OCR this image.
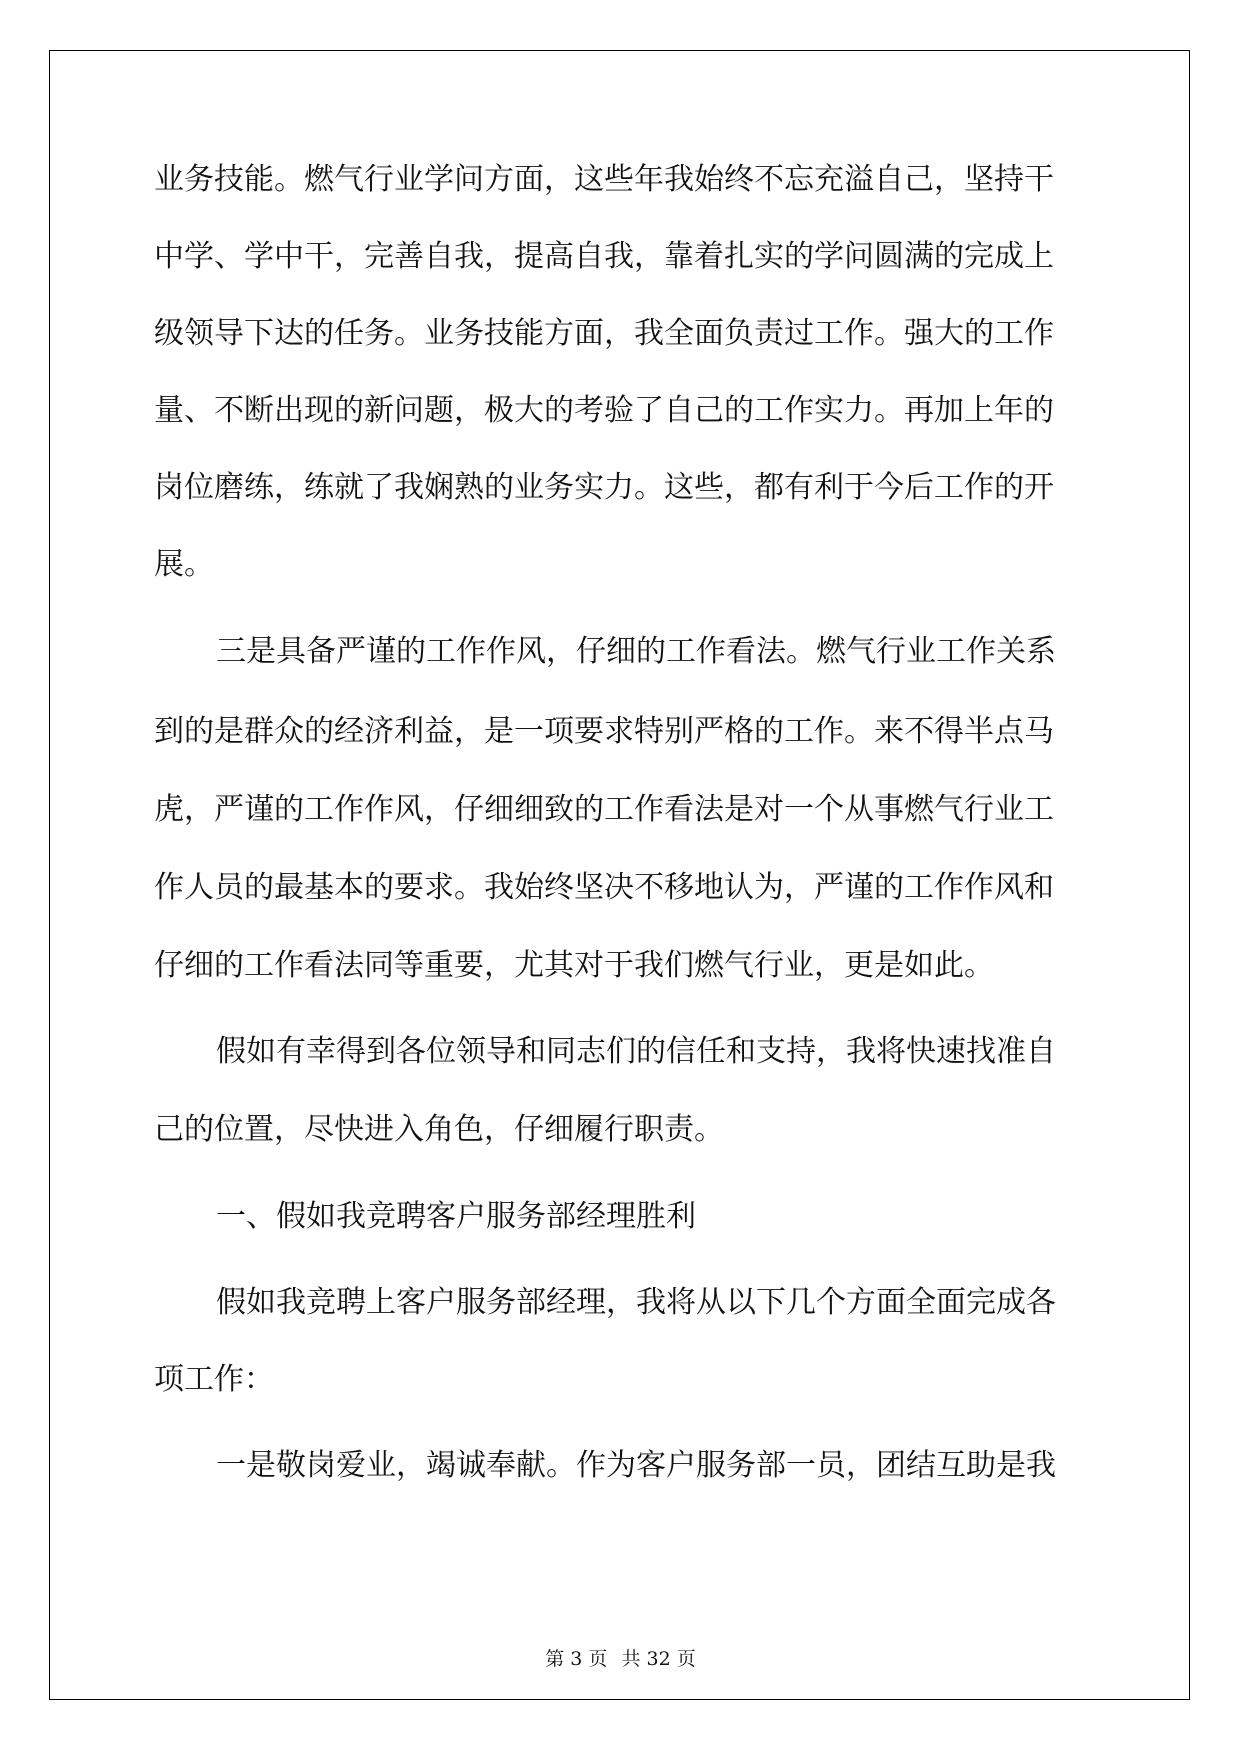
业务技能。燃气行业学问方面，这些年我始终不忘充溢自己，坚持干
中学、学中干，完善自我，提高自我，靠着扎实的学问圆满的完成上
级领导下达的任务。业务技能方面，我全面负责过工作。强大的工作
量、不断出现的新问题，极大的考验了自己的工作实力。再加上年的
岗位磨练，练就了我娴熟的业务实力。这些，都有利于今后工作的开
展。
三是具备严谨的工作作风，仔细的工作看法。燃气行业工作关系
到的是群众的经济利益，是一项要求特别严格的工作。来不得半点马
虎，严谨的工作作风，仔细细致的工作看法是对一个从事燃气行业工
作人员的最基本的要求。我始终坚决不移地认为，严谨的工作作风和
仔细的工作看法同等重要，尤其对于我们燃气行业，更是如此。
假如有幸得到各位领导和同志们的信任和支持，我将快速找准自
己的位置，尽快进入角色，仔细履行职责。
一、假如我竞聘客户服务部经理胜利
假如我竞聘上客户服务部经理，我将从以下几个方面全面完成各
项工作：
一是敬岗爱业，竭诚奉献。作为客户服务部一员，团结互助是我
第 3 页 共 32 页
